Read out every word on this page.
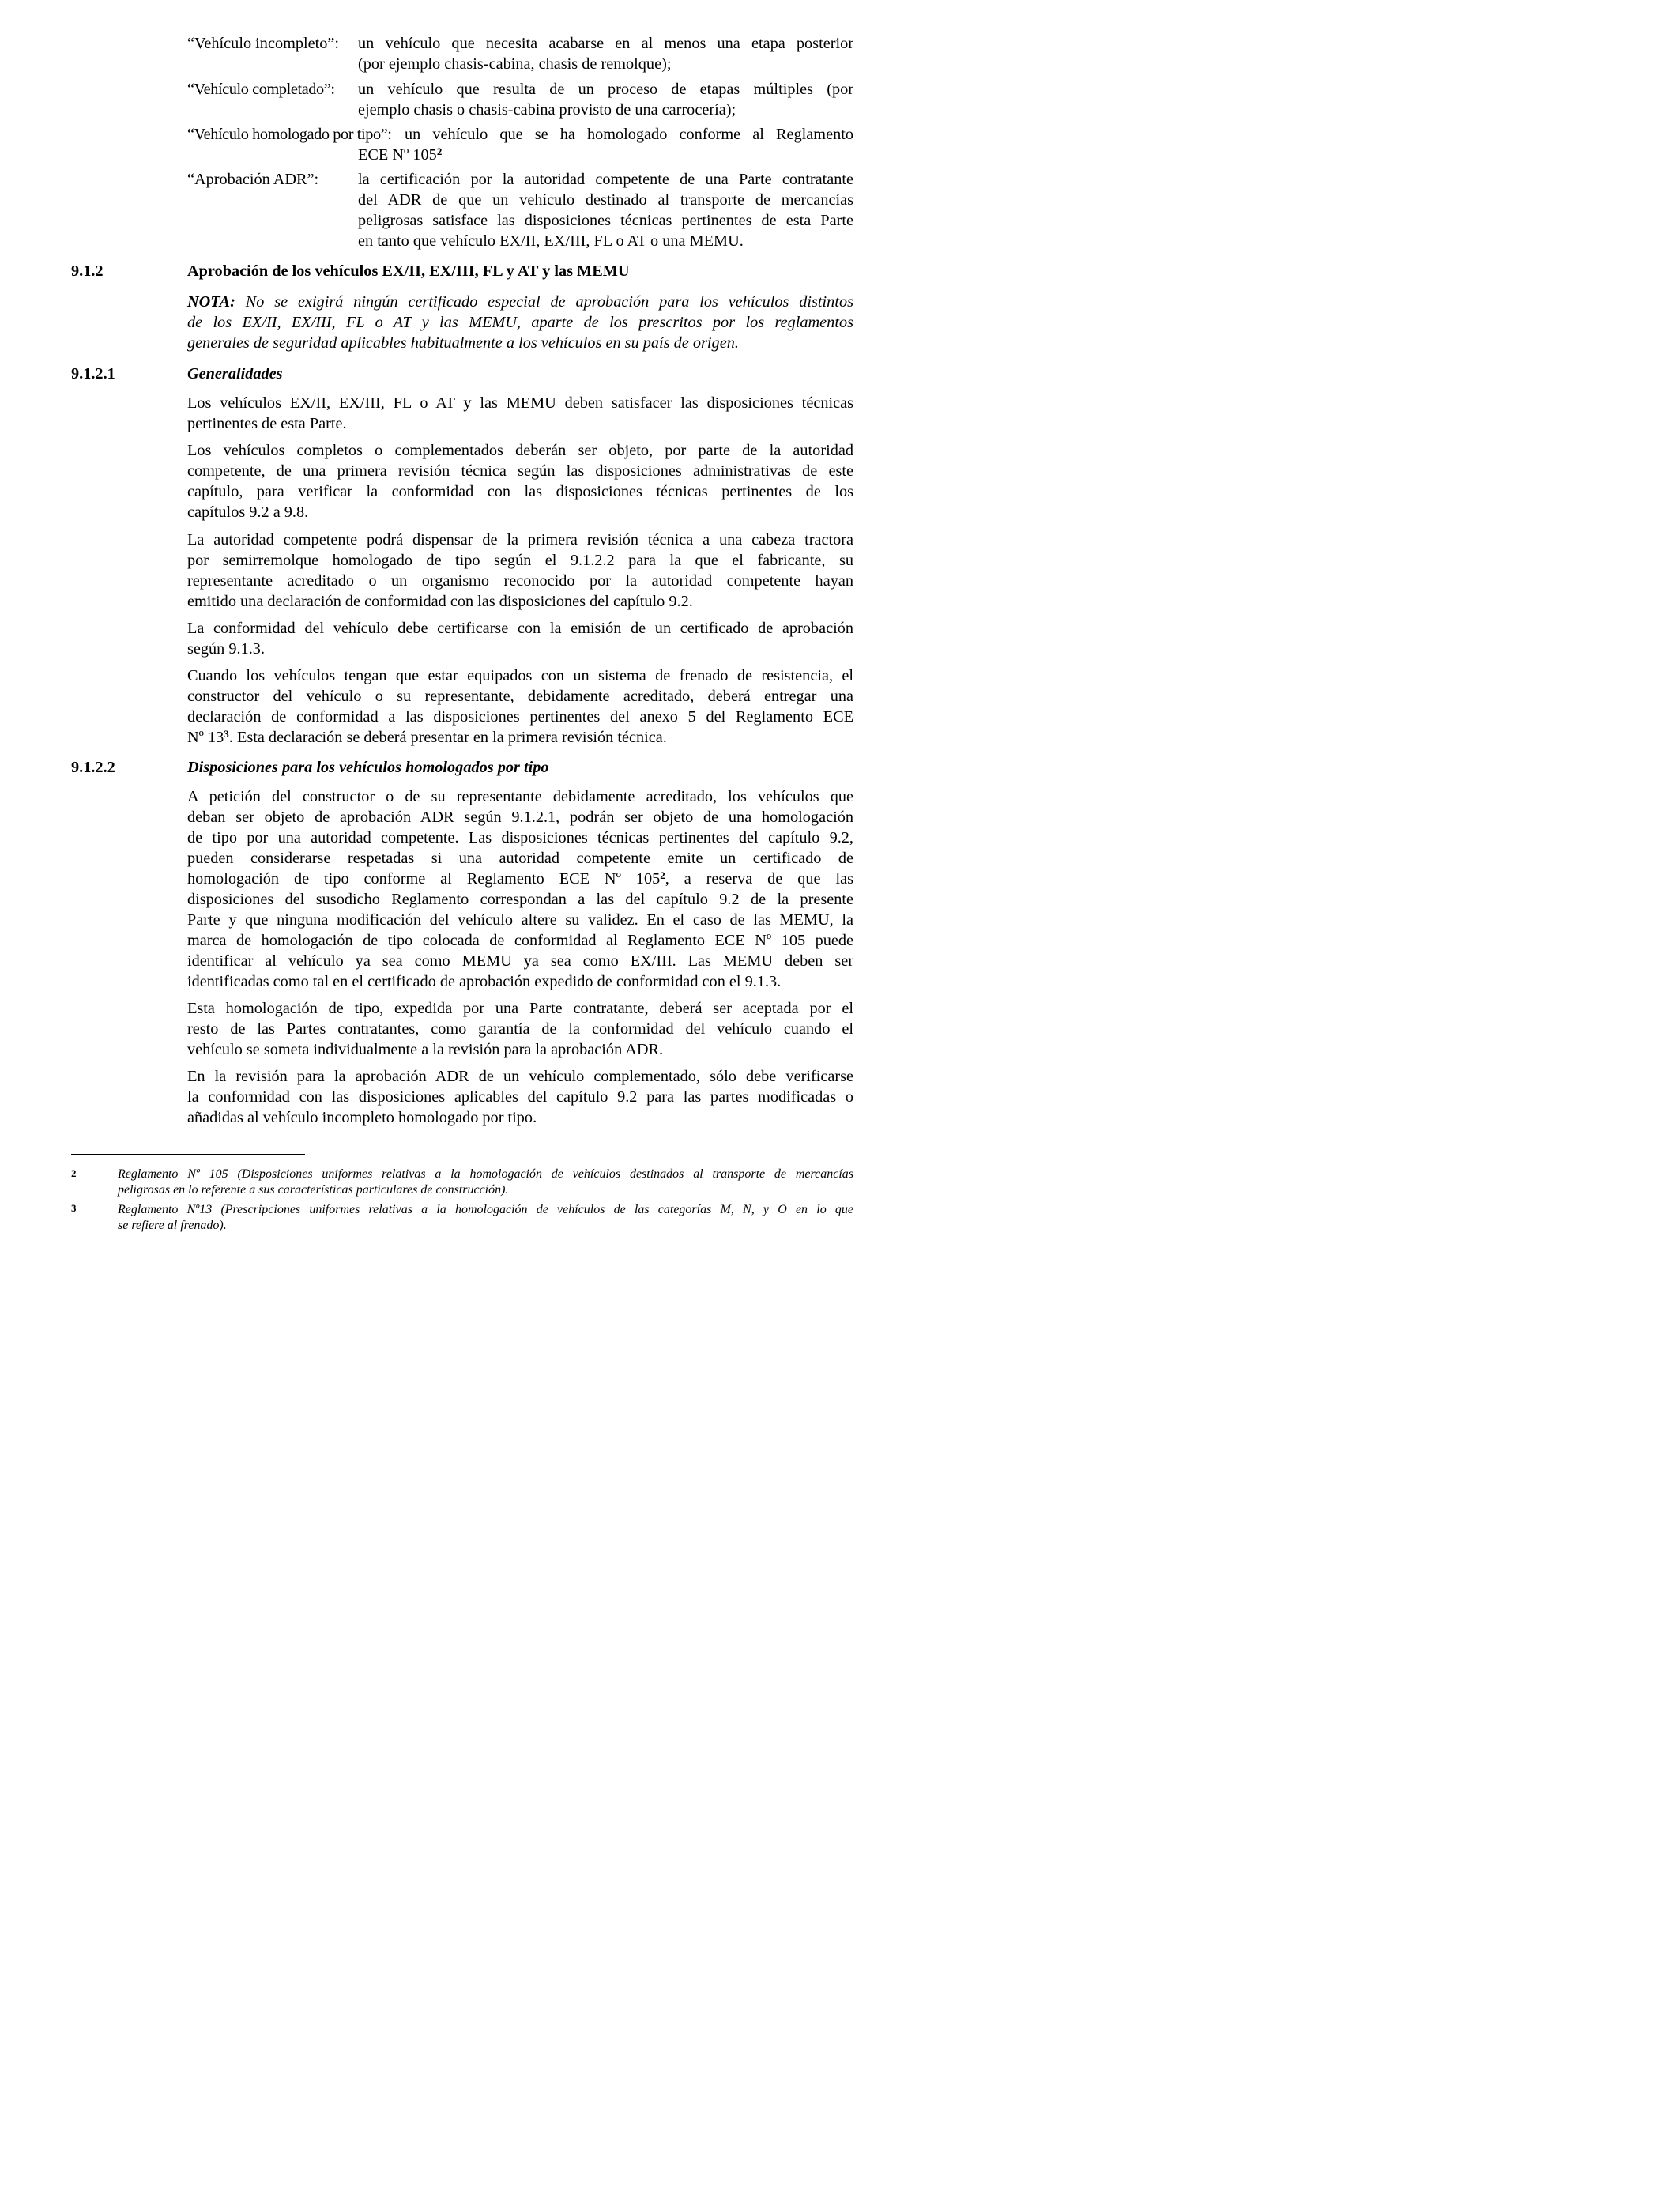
“Vehículo incompleto”: un vehículo que necesita acabarse en al menos una etapa posterior
(por ejemplo chasis-cabina, chasis de remolque);
“Vehículo completado”: un vehículo que resulta de un proceso de etapas múltiples (por
ejemplo chasis o chasis-cabina provisto de una carrocería);
“Vehículo homologado por tipo”: un vehículo que se ha homologado conforme al Reglamento
ECE Nº $105^2$
“Aprobación ADR”: la certificación por la autoridad competente de una Parte contratante
del ADR de que un vehículo destinado al transporte de mercancías
peligrosas satisface las disposiciones técnicas pertinentes de esta Parte
en tanto que vehículo EX/II, EX/III, FL o AT o una MEMU.
9.1.2	Aprobación de los vehículos EX/II, EX/III, FL y AT y las MEMU
NOTA: No se exigirá ningún certificado especial de aprobación para los vehículos distintos
de los EX/II, EX/III, FL o AT y las MEMU, aparte de los prescritos por los reglamentos
generales de seguridad aplicables habitualmente a los vehículos en su país de origen.
9.1.2.1	Generalidades
Los vehículos EX/II, EX/III, FL o AT y las MEMU deben satisfacer las disposiciones técnicas
pertinentes de esta Parte.
Los vehículos completos o complementados deberán ser objeto, por parte de la autoridad
competente, de una primera revisión técnica según las disposiciones administrativas de este
capítulo, para verificar la conformidad con las disposiciones técnicas pertinentes de los
capítulos 9.2 a 9.8.
La autoridad competente podrá dispensar de la primera revisión técnica a una cabeza tractora
por semirremolque homologado de tipo según el 9.1.2.2 para la que el fabricante, su
representante acreditado o un organismo reconocido por la autoridad competente hayan
emitido una declaración de conformidad con las disposiciones del capítulo 9.2.
La conformidad del vehículo debe certificarse con la emisión de un certificado de aprobación
según 9.1.3.
Cuando los vehículos tengan que estar equipados con un sistema de frenado de resistencia, el
constructor del vehículo o su representante, debidamente acreditado, deberá entregar una
declaración de conformidad a las disposiciones pertinentes del anexo 5 del Reglamento ECE
Nº $13^3$. Esta declaración se deberá presentar en la primera revisión técnica.
9.1.2.2	Disposiciones para los vehículos homologados por tipo
A petición del constructor o de su representante debidamente acreditado, los vehículos que
deban ser objeto de aprobación ADR según 9.1.2.1, podrán ser objeto de una homologación
de tipo por una autoridad competente. Las disposiciones técnicas pertinentes del capítulo 9.2,
pueden considerarse respetadas si una autoridad competente emite un certificado de
homologación de tipo conforme al Reglamento ECE Nº $105^2$, a reserva de que las
disposiciones del susodicho Reglamento correspondan a las del capítulo 9.2 de la presente
Parte y que ninguna modificación del vehículo altere su validez. En el caso de las MEMU, la
marca de homologación de tipo colocada de conformidad al Reglamento ECE Nº 105 puede
identificar al vehículo ya sea como MEMU ya sea como EX/III. Las MEMU deben ser
identificadas como tal en el certificado de aprobación expedido de conformidad con el 9.1.3.
Esta homologación de tipo, expedida por una Parte contratante, deberá ser aceptada por el
resto de las Partes contratantes, como garantía de la conformidad del vehículo cuando el
vehículo se someta individualmente a la revisión para la aprobación ADR.
En la revisión para la aprobación ADR de un vehículo complementado, sólo debe verificarse
la conformidad con las disposiciones aplicables del capítulo 9.2 para las partes modificadas o
añadidas al vehículo incompleto homologado por tipo.
2	Reglamento Nº 105 (Disposiciones uniformes relativas a la homologación de vehículos destinados al transporte de mercancías
peligrosas en lo referente a sus características particulares de construcción).
3	Reglamento Nº13 (Prescripciones uniformes relativas a la homologación de vehículos de las categorías M, N, y O en lo que
se refiere al frenado).
